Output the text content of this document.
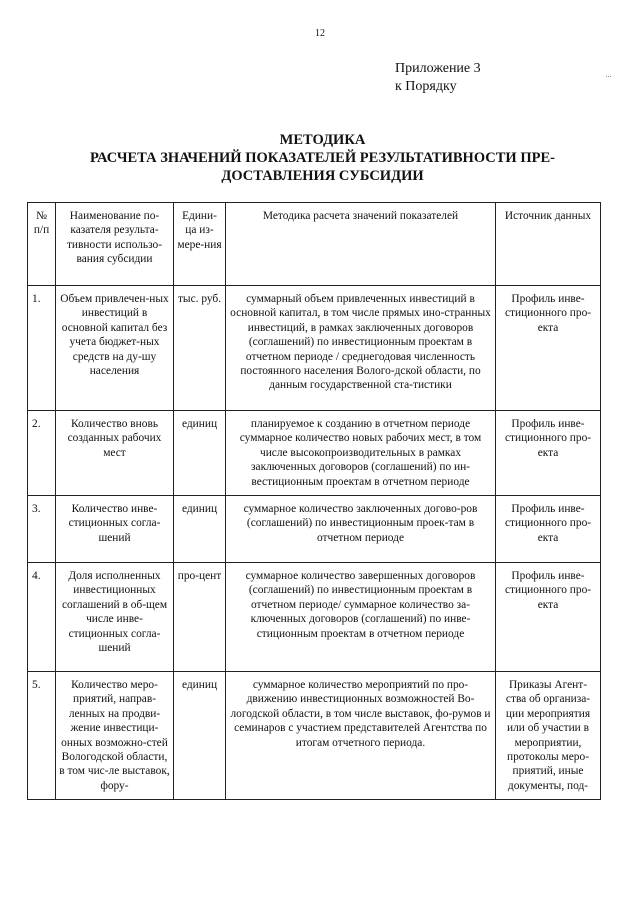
12
Приложение 3
к Порядку
МЕТОДИКА
РАСЧЕТА ЗНАЧЕНИЙ ПОКАЗАТЕЛЕЙ РЕЗУЛЬТАТИВНОСТИ ПРЕ-
ДОСТАВЛЕНИЯ СУБСИДИИ
№ п/п	Наименование по-казателя результа-тивности использо-вания субсидии	Едини-ца из-мере-ния	Методика расчета значений показателей	Источник данных
1.	Объем привлечен-ных инвестиций в основной капитал без учета бюджет-ных средств на ду-шу населения	тыс. руб.	суммарный объем привлеченных инвестиций в основной капитал, в том числе прямых ино-странных инвестиций, в рамках заключенных договоров (соглашений) по инвестиционным проектам в отчетном периоде / среднегодовая численность постоянного населения Волого-дской области, по данным государственной ста-тистики	Профиль инве-стиционного про-екта
2.	Количество вновь созданных рабочих мест	единиц	планируемое к созданию в отчетном периоде суммарное количество новых рабочих мест, в том числе высокопроизводительных в рамках заключенных договоров (соглашений) по ин-вестиционным проектам в отчетном периоде	Профиль инве-стиционного про-екта
3.	Количество инве-стиционных согла-шений	единиц	суммарное количество заключенных догово-ров (соглашений) по инвестиционным проек-там в отчетном периоде	Профиль инве-стиционного про-екта
4.	Доля исполненных инвестиционных соглашений в об-щем числе инве-стиционных согла-шений	про-цент	суммарное количество завершенных договоров (соглашений) по инвестиционным проектам в отчетном периоде/ суммарное количество за-ключенных договоров (соглашений) по инве-стиционным проектам в отчетном периоде	Профиль инве-стиционного про-екта
5.	Количество меро-приятий, направ-ленных на продви-жение инвестици-онных возможно-стей Вологодской области, в том чис-ле выставок, фору-	единиц	суммарное количество мероприятий по про-движению инвестиционных возможностей Во-логодской области, в том числе выставок, фо-румов и семинаров с участием представителей Агентства по итогам отчетного периода.	Приказы Агент-ства об организа-ции мероприятия или об участии в мероприятии, протоколы меро-приятий, иные документы, под-
